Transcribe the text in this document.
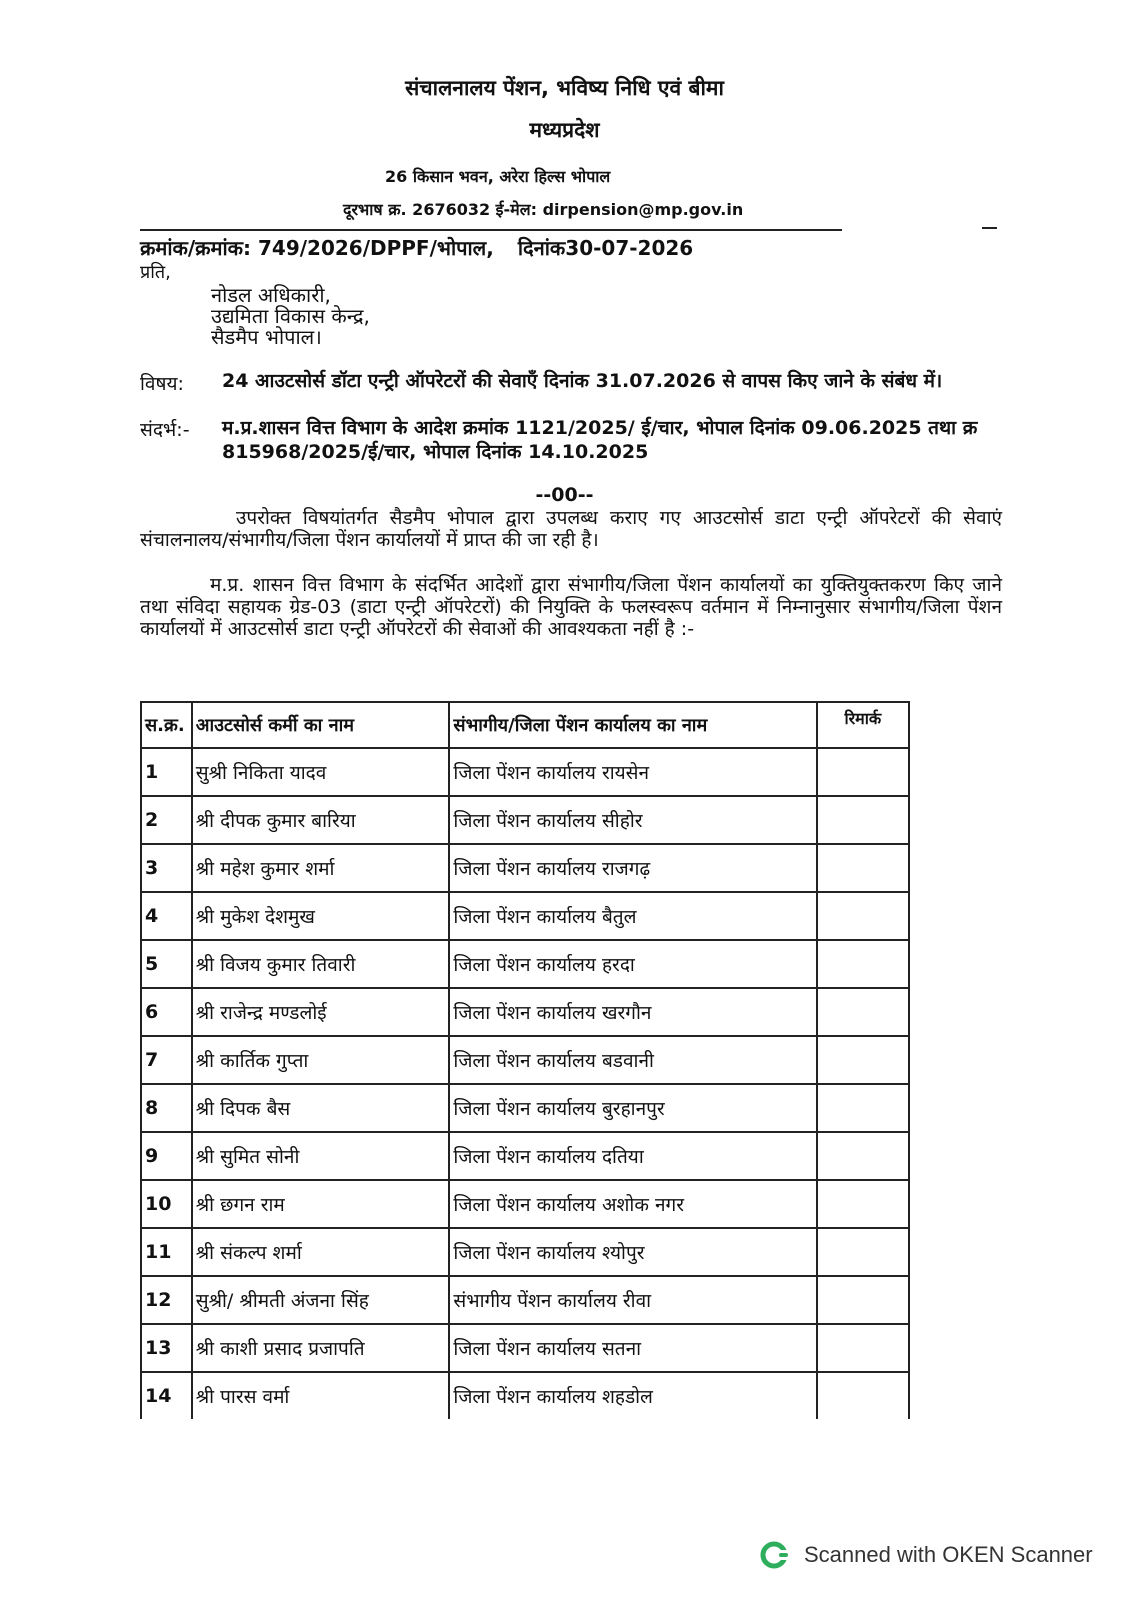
संचालनालय पेंशन, भविष्य निधि एवं बीमा
मध्यप्रदेश
26 किसान भवन, अरेरा हिल्स भोपाल
दूरभाष क्र. 2676032 ई-मेल: dirpension@mp.gov.in
क्रमांक/क्रमांक: 749/2026/DPPF/भोपाल, दिनांक30-07-2026
प्रति,
नोडल अधिकारी,
उद्यमिता विकास केन्द्र,
सैडमैप भोपाल।
विषय: 24 आउटसोर्स डॉटा एन्ट्री ऑपरेटरों की सेवाएँ दिनांक 31.07.2026 से वापस किए जाने के संबंध में।
संदर्भ:- म.प्र.शासन वित्त विभाग के आदेश क्रमांक 1121/2025/ ई/चार, भोपाल दिनांक 09.06.2025 तथा क्र 815968/2025/ई/चार, भोपाल दिनांक 14.10.2025
--00--
उपरोक्त विषयांतर्गत सैडमैप भोपाल द्वारा उपलब्ध कराए गए आउटसोर्स डाटा एन्ट्री ऑपरेटरों की सेवाएं संचालनालय/संभागीय/जिला पेंशन कार्यालयों में प्राप्त की जा रही है।
म.प्र. शासन वित्त विभाग के संदर्भित आदेशों द्वारा संभागीय/जिला पेंशन कार्यालयों का युक्तियुक्तकरण किए जाने तथा संविदा सहायक ग्रेड-03 (डाटा एन्ट्री ऑपरेटरों) की नियुक्ति के फलस्वरूप वर्तमान में निम्नानुसार संभागीय/जिला पेंशन कार्यालयों में आउटसोर्स डाटा एन्ट्री ऑपरेटरों की सेवाओं की आवश्यकता नहीं है :-
स.क्र.	आउटसोर्स कर्मी का नाम	संभागीय/जिला पेंशन कार्यालय का नाम	रिमार्क
1	सुश्री निकिता यादव	जिला पेंशन कार्यालय रायसेन	
2	श्री दीपक कुमार बारिया	जिला पेंशन कार्यालय सीहोर	
3	श्री महेश कुमार शर्मा	जिला पेंशन कार्यालय राजगढ़	
4	श्री मुकेश देशमुख	जिला पेंशन कार्यालय बैतुल	
5	श्री विजय कुमार तिवारी	जिला पेंशन कार्यालय हरदा	
6	श्री राजेन्द्र मण्डलोई	जिला पेंशन कार्यालय खरगौन	
7	श्री कार्तिक गुप्ता	जिला पेंशन कार्यालय बडवानी	
8	श्री दिपक बैस	जिला पेंशन कार्यालय बुरहानपुर	
9	श्री सुमित सोनी	जिला पेंशन कार्यालय दतिया	
10	श्री छगन राम	जिला पेंशन कार्यालय अशोक नगर	
11	श्री संकल्प शर्मा	जिला पेंशन कार्यालय श्योपुर	
12	सुश्री/ श्रीमती अंजना सिंह	संभागीय पेंशन कार्यालय रीवा	
13	श्री काशी प्रसाद प्रजापति	जिला पेंशन कार्यालय सतना	
14	श्री पारस वर्मा	जिला पेंशन कार्यालय शहडोल	
Scanned with OKEN Scanner
